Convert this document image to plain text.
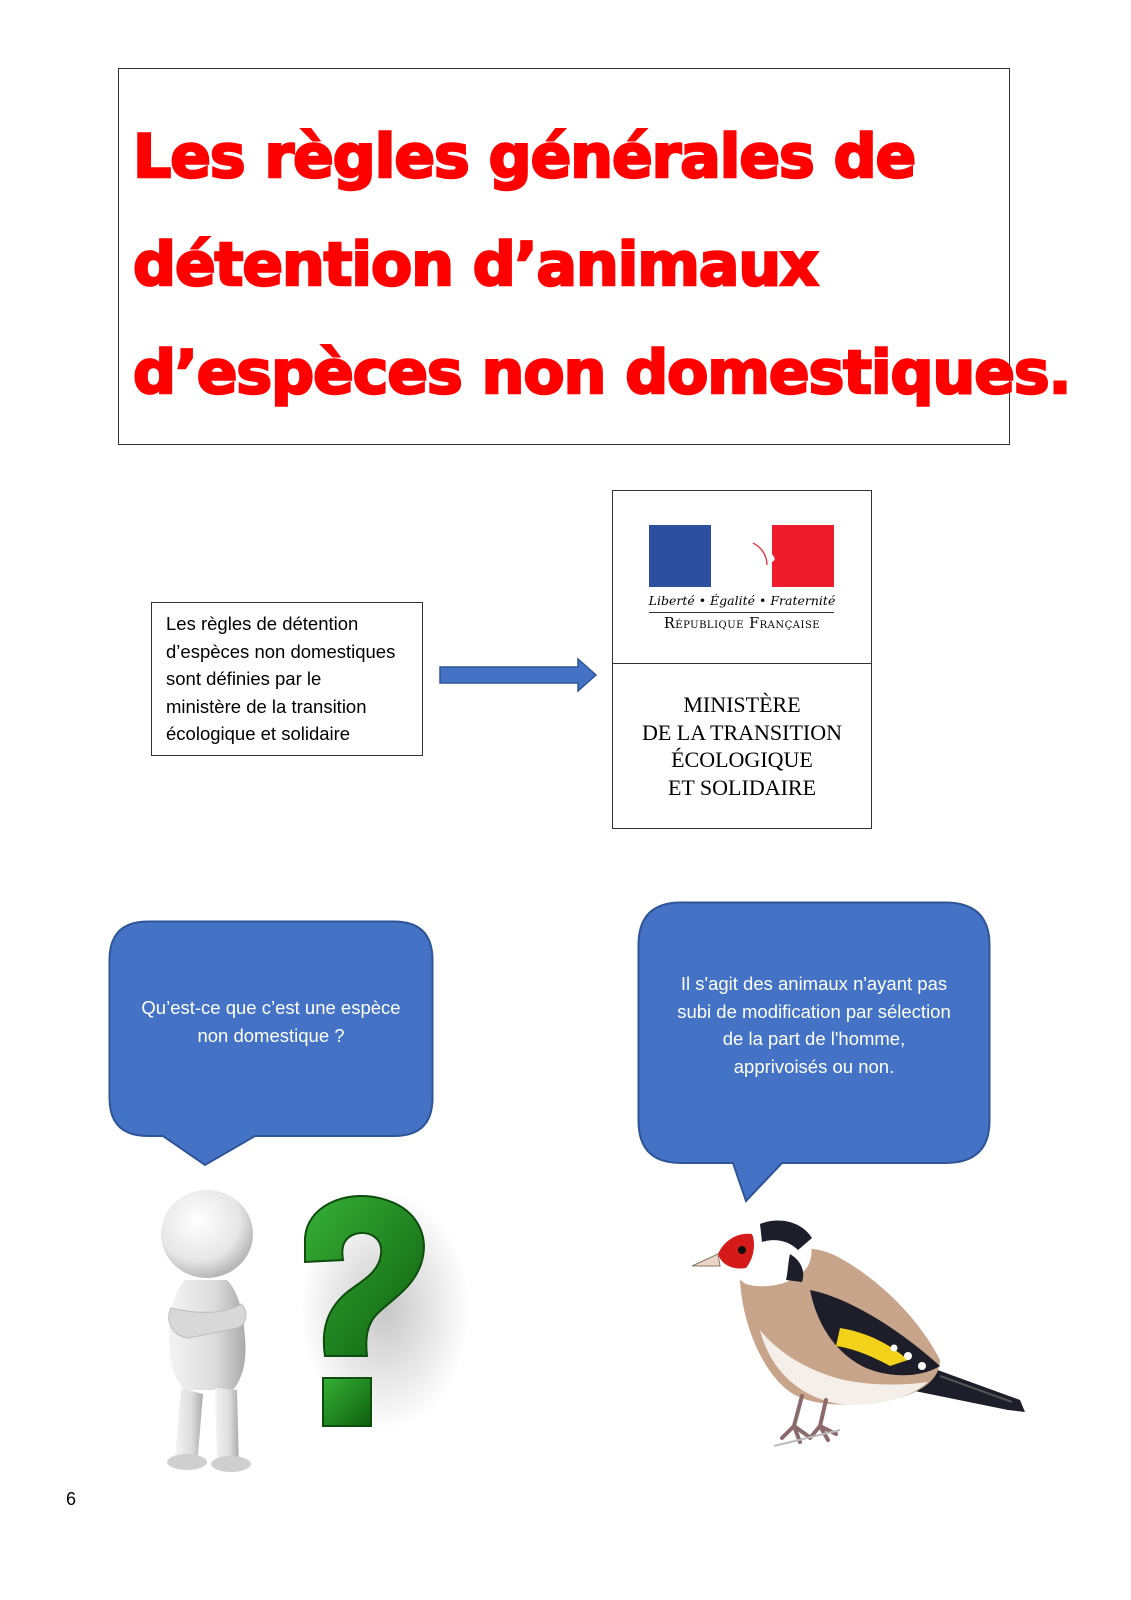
Les règles générales de
détention d’animaux
d’espèces non domestiques.
Les règles de détention
d’espèces non domestiques
sont définies par le
ministère de la transition
écologique et solidaire
Liberté • Égalité • Fraternité
République Française
MINISTÈRE
DE LA TRANSITION
ÉCOLOGIQUE
ET SOLIDAIRE
Qu’est-ce que c’est une espèce
non domestique ?
Il s'agit des animaux n'ayant pas
subi de modification par sélection
de la part de l'homme,
apprivoisés ou non.
6
